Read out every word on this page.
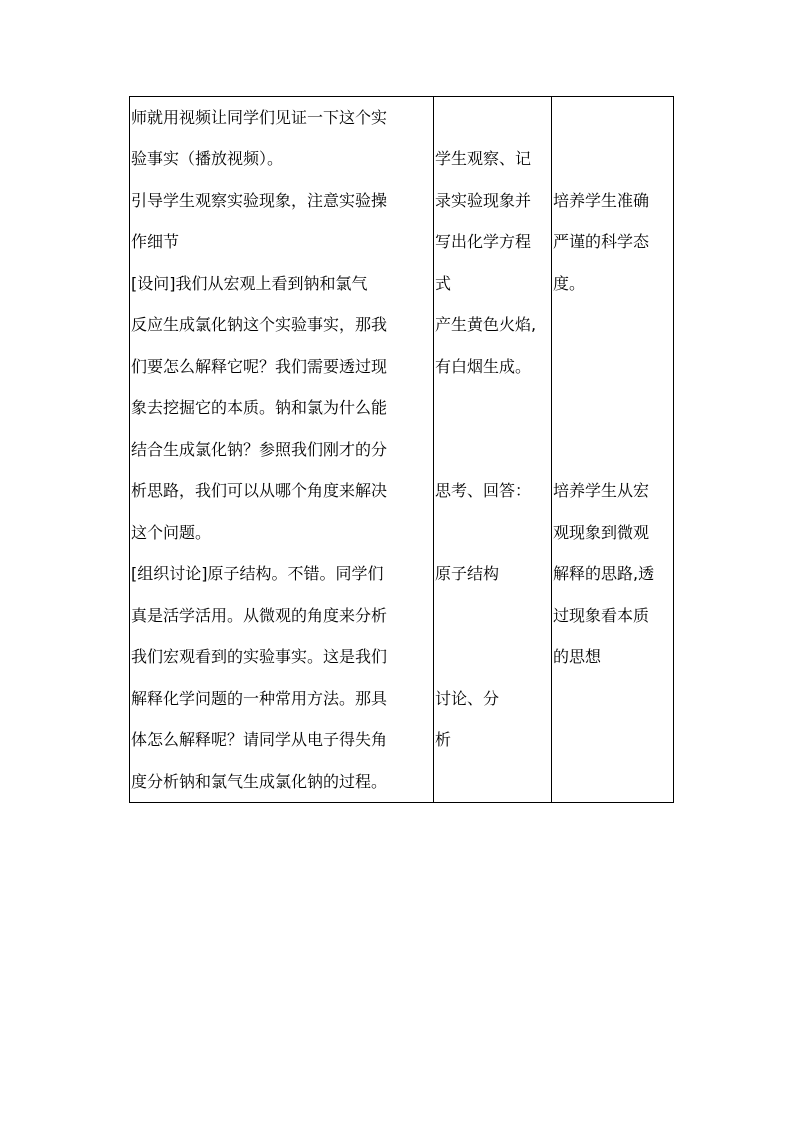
师就用视频让同学们见证一下这个实
验事实（播放视频）。
引导学生观察实验现象，注意实验操
作细节
[设问]我们从宏观上看到钠和氯气
反应生成氯化钠这个实验事实，那我
们要怎么解释它呢？我们需要透过现
象去挖掘它的本质。钠和氯为什么能
结合生成氯化钠？参照我们刚才的分
析思路，我们可以从哪个角度来解决
这个问题。
[组织讨论]原子结构。不错。同学们
真是活学活用。从微观的角度来分析
我们宏观看到的实验事实。这是我们
解释化学问题的一种常用方法。那具
体怎么解释呢？请同学从电子得失角
度分析钠和氯气生成氯化钠的过程。
学生观察、记
录实验现象并
写出化学方程
式
产生黄色火焰,
有白烟生成。
思考、回答：
原子结构
讨论、分
析
培养学生准确
严谨的科学态
度。
培养学生从宏
观现象到微观
解释的思路,透
过现象看本质
的思想
